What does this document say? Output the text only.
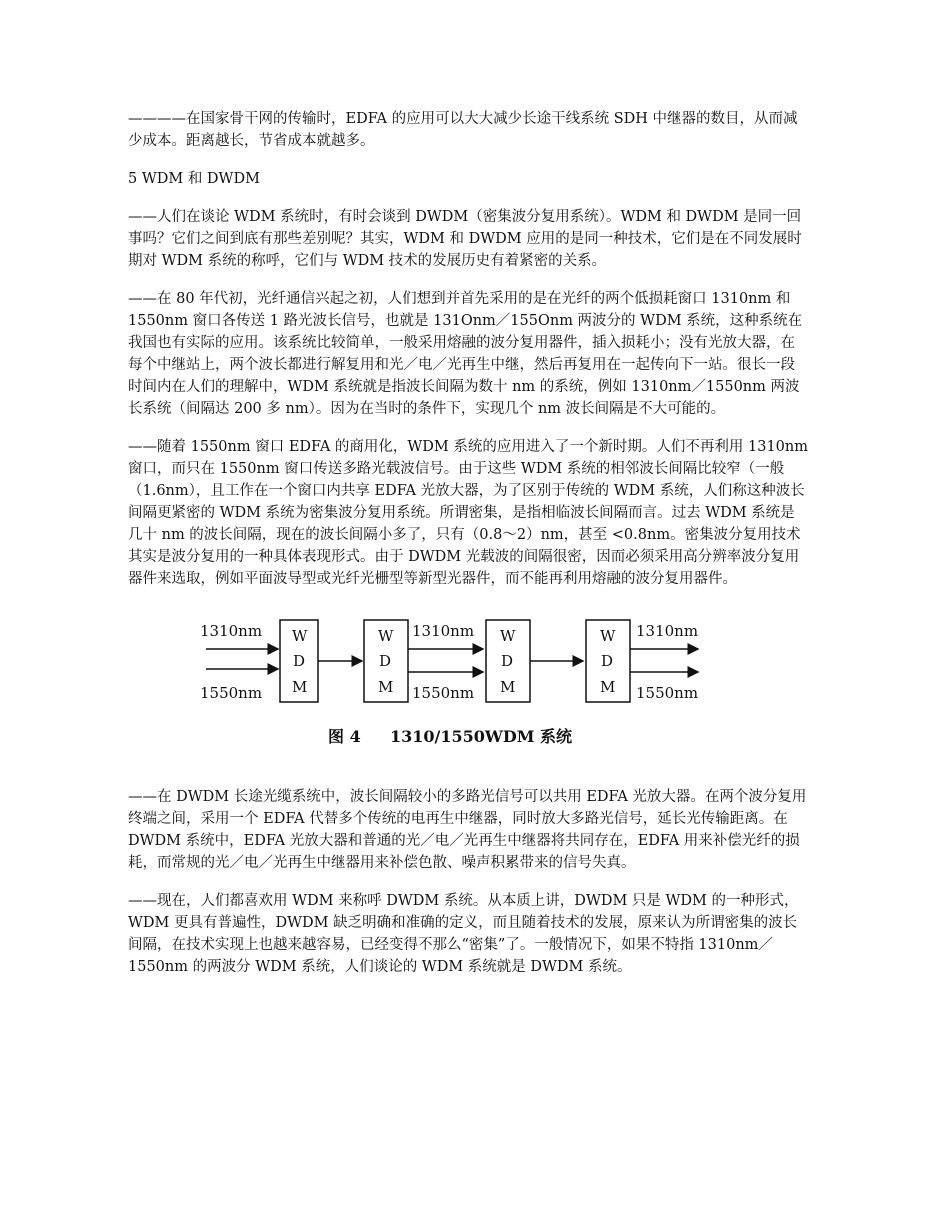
————在国家骨干网的传输时，EDFA 的应用可以大大减少长途干线系统 SDH 中继器的数目，从而减少成本。距离越长，节省成本就越多。

5 WDM 和 DWDM

——人们在谈论 WDM 系统时，有时会谈到 DWDM（密集波分复用系统）。WDM 和 DWDM 是同一回事吗？它们之间到底有那些差别呢？其实，WDM 和 DWDM 应用的是同一种技术，它们是在不同发展时期对 WDM 系统的称呼，它们与 WDM 技术的发展历史有着紧密的关系。

——在 80 年代初，光纤通信兴起之初，人们想到并首先采用的是在光纤的两个低损耗窗口 1310nm 和 1550nm 窗口各传送 1 路光波长信号，也就是 131Onm／155Onm 两波分的 WDM 系统，这种系统在我国也有实际的应用。该系统比较简单，一般采用熔融的波分复用器件，插入损耗小；没有光放大器，在每个中继站上，两个波长都进行解复用和光／电／光再生中继，然后再复用在一起传向下一站。很长一段时间内在人们的理解中，WDM 系统就是指波长间隔为数十 nm 的系统，例如 1310nm／1550nm 两波长系统（间隔达 200 多 nm）。因为在当时的条件下，实现几个 nm 波长间隔是不大可能的。

——随着 1550nm 窗口 EDFA 的商用化，WDM 系统的应用进入了一个新时期。人们不再利用 1310nm 窗口，而只在 1550nm 窗口传送多路光载波信号。由于这些 WDM 系统的相邻波长间隔比较窄（一般（1.6nm），且工作在一个窗口内共享 EDFA 光放大器，为了区别于传统的 WDM 系统，人们称这种波长间隔更紧密的 WDM 系统为密集波分复用系统。所谓密集，是指相临波长间隔而言。过去 WDM 系统是几十 nm 的波长间隔，现在的波长间隔小多了，只有（0.8～2）nm，甚至 <0.8nm。密集波分复用技术其实是波分复用的一种具体表现形式。由于 DWDM 光载波的间隔很密，因而必须采用高分辨率波分复用器件来选取，例如平面波导型或光纤光栅型等新型光器件，而不能再利用熔融的波分复用器件。

1310nm
1550nm
W
D
M
W
D
M
1310nm
1550nm
W
D
M
W
D
M
1310nm
1550nm
图 4 1310/1550WDM 系统

——在 DWDM 长途光缆系统中，波长间隔较小的多路光信号可以共用 EDFA 光放大器。在两个波分复用终端之间，采用一个 EDFA 代替多个传统的电再生中继器，同时放大多路光信号，延长光传输距离。在 DWDM 系统中，EDFA 光放大器和普通的光／电／光再生中继器将共同存在，EDFA 用来补偿光纤的损耗，而常规的光／电／光再生中继器用来补偿色散、噪声积累带来的信号失真。

——现在，人们都喜欢用 WDM 来称呼 DWDM 系统。从本质上讲，DWDM 只是 WDM 的一种形式，WDM 更具有普遍性，DWDM 缺乏明确和准确的定义，而且随着技术的发展，原来认为所谓密集的波长间隔，在技术实现上也越来越容易，已经变得不那么“密集”了。一般情况下，如果不特指 1310nm／1550nm 的两波分 WDM 系统，人们谈论的 WDM 系统就是 DWDM 系统。
